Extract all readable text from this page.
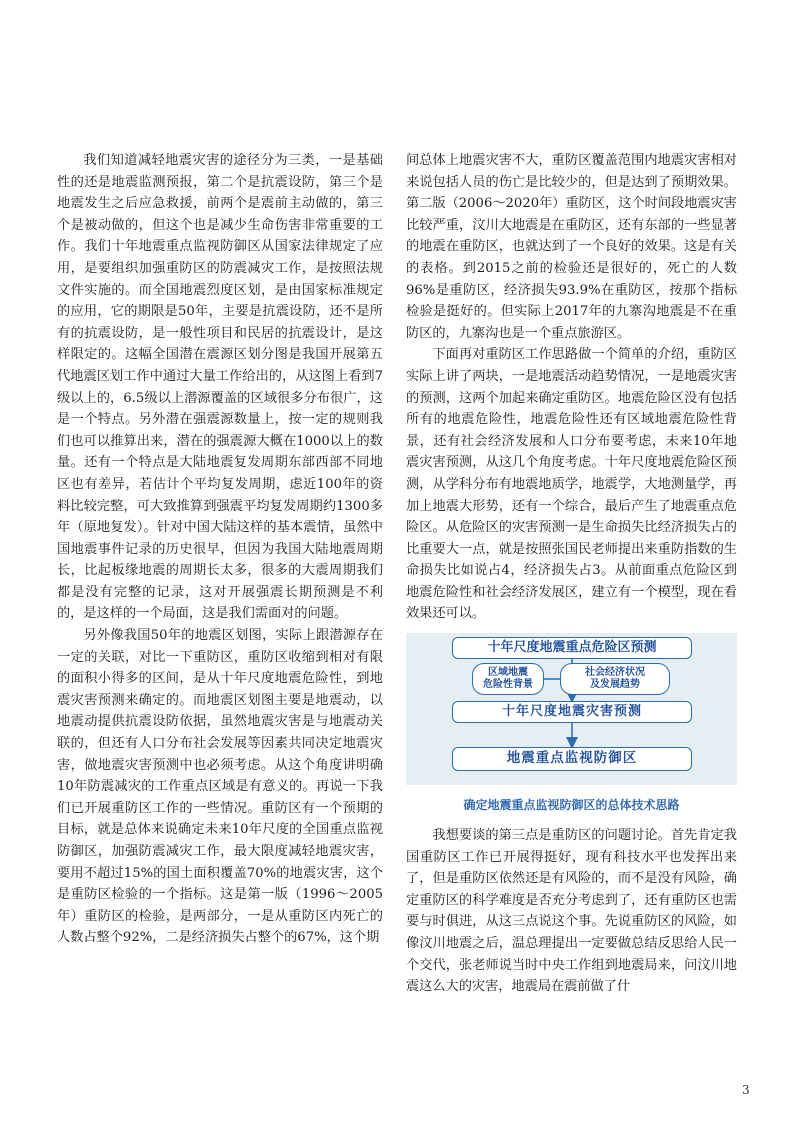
我们知道减轻地震灾害的途径分为三类，一是基础性的还是地震监测预报，第二个是抗震设防，第三个是地震发生之后应急救援，前两个是震前主动做的，第三个是被动做的，但这个也是减少生命伤害非常重要的工作。我们十年地震重点监视防御区从国家法律规定了应用，是要组织加强重防区的防震减灾工作，是按照法规文件实施的。而全国地震烈度区划，是由国家标准规定的应用，它的期限是50年，主要是抗震设防，还不是所有的抗震设防，是一般性项目和民居的抗震设计，是这样限定的。这幅全国潜在震源区划分图是我国开展第五代地震区划工作中通过大量工作给出的，从这图上看到7级以上的，6.5级以上潜源覆盖的区域很多分布很广，这是一个特点。另外潜在强震源数量上，按一定的规则我们也可以推算出来，潜在的强震源大概在1000以上的数量。还有一个特点是大陆地震复发周期东部西部不同地区也有差异，若估计个平均复发周期，虑近100年的资料比较完整，可大致推算到强震平均复发周期约1300多年（原地复发）。针对中国大陆这样的基本震情，虽然中国地震事件记录的历史很早，但因为我国大陆地震周期长，比起板缘地震的周期长太多，很多的大震周期我们都是没有完整的记录，这对开展强震长期预测是不利的，是这样的一个局面，这是我们需面对的问题。

另外像我国50年的地震区划图，实际上跟潜源存在一定的关联，对比一下重防区，重防区收缩到相对有限的面积小得多的区间，是从十年尺度地震危险性，到地震灾害预测来确定的。而地震区划图主要是地震动，以地震动提供抗震设防依据，虽然地震灾害是与地震动关联的，但还有人口分布社会发展等因素共同决定地震灾害，做地震灾害预测中也必须考虑。从这个角度讲明确10年防震减灾的工作重点区域是有意义的。再说一下我们已开展重防区工作的一些情况。重防区有一个预期的目标，就是总体来说确定未来10年尺度的全国重点监视防御区，加强防震减灾工作，最大限度减轻地震灾害，要用不超过15%的国土面积覆盖70%的地震灾害，这个是重防区检验的一个指标。这是第一版（1996～2005年）重防区的检验，是两部分，一是从重防区内死亡的人数占整个92%，二是经济损失占整个的67%，这个期

间总体上地震灾害不大，重防区覆盖范围内地震灾害相对来说包括人员的伤亡是比较少的，但是达到了预期效果。第二版（2006～2020年）重防区，这个时间段地震灾害比较严重，汶川大地震是在重防区，还有东部的一些显著的地震在重防区，也就达到了一个良好的效果。这是有关的表格。到2015之前的检验还是很好的，死亡的人数96%是重防区，经济损失93.9%在重防区，按那个指标检验是挺好的。但实际上2017年的九寨沟地震是不在重防区的，九寨沟也是一个重点旅游区。

下面再对重防区工作思路做一个简单的介绍，重防区实际上讲了两块，一是地震活动趋势情况，一是地震灾害的预测，这两个加起来确定重防区。地震危险区没有包括所有的地震危险性，地震危险性还有区域地震危险性背景，还有社会经济发展和人口分布要考虑，未来10年地震灾害预测，从这几个角度考虑。十年尺度地震危险区预测，从学科分布有地震地质学，地震学，大地测量学，再加上地震大形势，还有一个综合，最后产生了地震重点危险区。从危险区的灾害预测一是生命损失比经济损失占的比重要大一点，就是按照张国民老师提出来重防指数的生命损失比如说占4，经济损失占3。从前面重点危险区到地震危险性和社会经济发展区，建立有一个模型，现在看效果还可以。

十年尺度地震重点危险区预测
区域地震
危险性背景
社会经济状况
及发展趋势
十年尺度地震灾害预测
地震重点监视防御区
确定地震重点监视防御区的总体技术思路

我想要谈的第三点是重防区的问题讨论。首先肯定我国重防区工作已开展得挺好，现有科技水平也发挥出来了，但是重防区依然还是有风险的，而不是没有风险，确定重防区的科学难度是否充分考虑到了，还有重防区也需要与时俱进，从这三点说这个事。先说重防区的风险，如像汶川地震之后，温总理提出一定要做总结反思给人民一个交代，张老师说当时中央工作组到地震局来，问汶川地震这么大的灾害，地震局在震前做了什

3
